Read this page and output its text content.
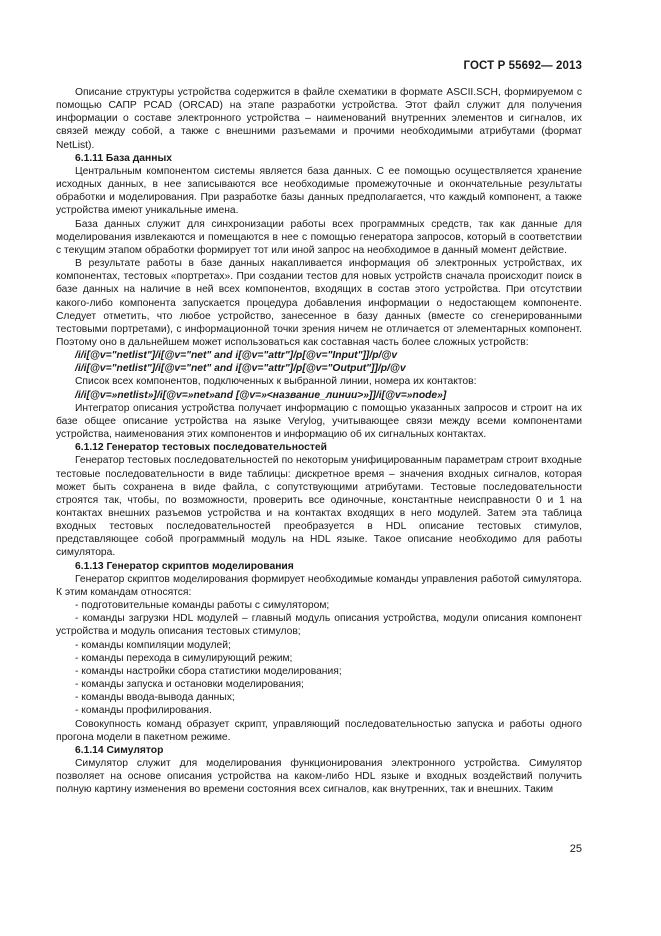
ГОСТ Р 55692— 2013

Описание структуры устройства содержится в файле схематики в формате ASCII.SCH, формируемом с помощью САПР PCAD (ORCAD) на этапе разработки устройства. Этот файл служит для получения информации о составе электронного устройства – наименований внутренних элементов и сигналов, их связей между собой, а также с внешними разъемами и прочими необходимыми атрибутами (формат NetList).

6.1.11 База данных

Центральным компонентом системы является база данных. С ее помощью осуществляется хранение исходных данных, в нее записываются все необходимые промежуточные и окончательные результаты обработки и моделирования. При разработке базы данных предполагается, что каждый компонент, а также устройства имеют уникальные имена.

База данных служит для синхронизации работы всех программных средств, так как данные для моделирования извлекаются и помещаются в нее с помощью генератора запросов, который в соответствии с текущим этапом обработки формирует тот или иной запрос на необходимое в данный момент действие.

В результате работы в базе данных накапливается информация об электронных устройствах, их компонентах, тестовых «портретах». При создании тестов для новых устройств сначала происходит поиск в базе данных на наличие в ней всех компонентов, входящих в состав этого устройства. При отсутствии какого-либо компонента запускается процедура добавления информации о недостающем компоненте. Следует отметить, что любое устройство, занесенное в базу данных (вместе со сгенерированными тестовыми портретами), с информационной точки зрения ничем не отличается от элементарных компонент. Поэтому оно в дальнейшем может использоваться как составная часть более сложных устройств:

/i/i[@v="netlist"]/i[@v="net" and i[@v="attr"]/p[@v="Input"]]/p/@v

/i/i[@v="netlist"]/i[@v="net" and i[@v="attr"]/p[@v="Output"]]/p/@v

Список всех компонентов, подключенных к выбранной линии, номера их контактов:

/i/i[@v=»netlist»]/i[@v=»net»and [@v=»<название_линии>»]]/i[@v=»node»]

Интегратор описания устройства получает информацию с помощью указанных запросов и строит на их базе общее описание устройства на языке Verylog, учитывающее связи между всеми компонентами устройства, наименования этих компонентов и информацию об их сигнальных контактах.

6.1.12 Генератор тестовых последовательностей

Генератор тестовых последовательностей по некоторым унифицированным параметрам строит входные тестовые последовательности в виде таблицы: дискретное время – значения входных сигналов, которая может быть сохранена в виде файла, с сопутствующими атрибутами. Тестовые последовательности строятся так, чтобы, по возможности, проверить все одиночные, константные неисправности 0 и 1 на контактах внешних разъемов устройства и на контактах входящих в него модулей. Затем эта таблица входных тестовых последовательностей преобразуется в HDL описание тестовых стимулов, представляющее собой программный модуль на HDL языке. Такое описание необходимо для работы симулятора.

6.1.13 Генератор скриптов моделирования

Генератор скриптов моделирования формирует необходимые команды управления работой симулятора. К этим командам относятся:

- подготовительные команды работы с симулятором;

- команды загрузки HDL модулей – главный модуль описания устройства, модули описания компонент устройства и модуль описания тестовых стимулов;

- команды компиляции модулей;

- команды перехода в симулирующий режим;

- команды настройки сбора статистики моделирования;

- команды запуска и остановки моделирования;

- команды ввода-вывода данных;

- команды профилирования.

Совокупность команд образует скрипт, управляющий последовательностью запуска и работы одного прогона модели в пакетном режиме.

6.1.14 Симулятор

Симулятор служит для моделирования функционирования электронного устройства. Симулятор позволяет на основе описания устройства на каком-либо HDL языке и входных воздействий получить полную картину изменения во времени состояния всех сигналов, как внутренних, так и внешних. Таким

25
